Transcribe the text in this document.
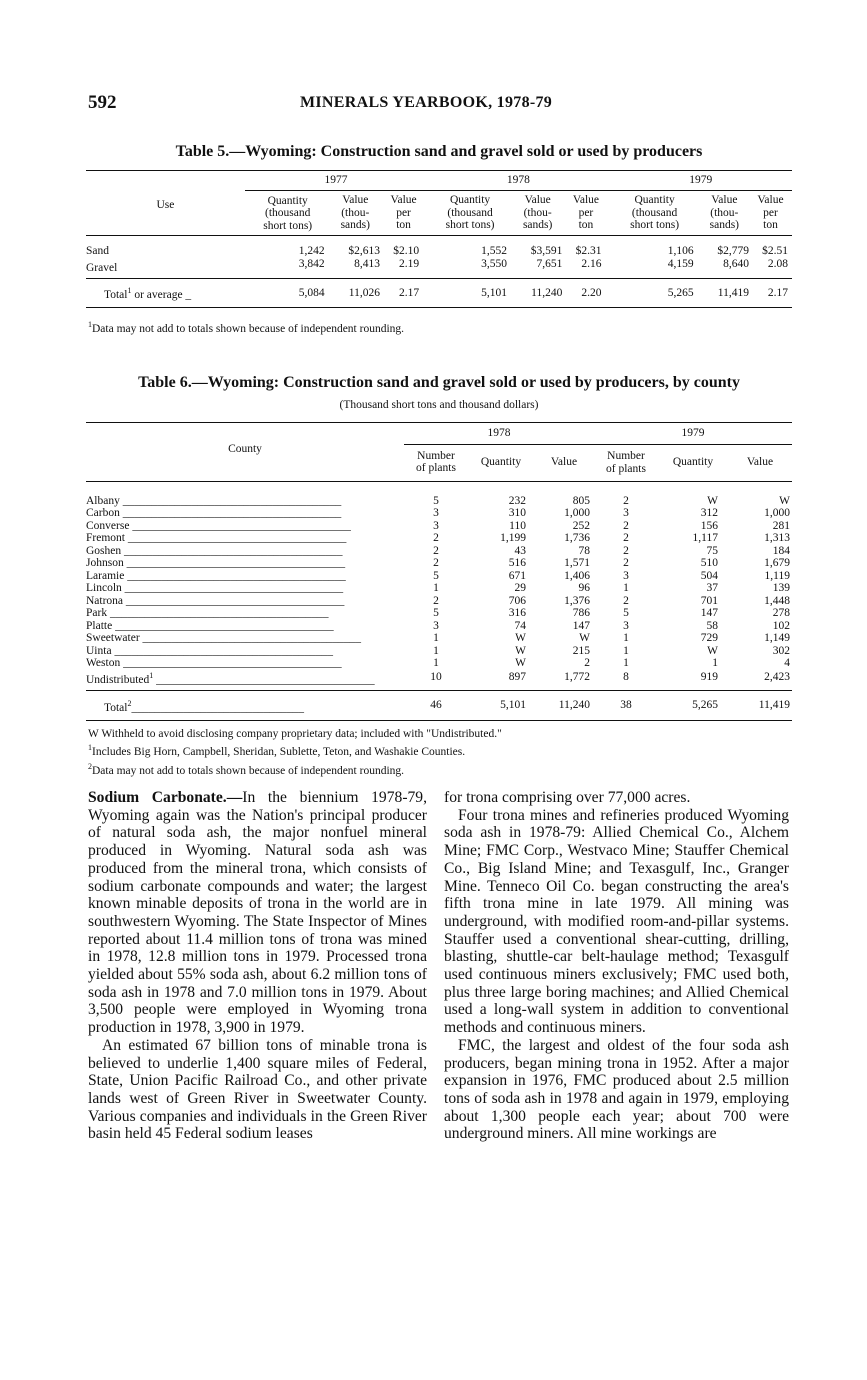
592	MINERALS YEARBOOK, 1978-79
Table 5.—Wyoming: Construction sand and gravel sold or used by producers
Use	1977			1978			1979		
	Quantity
(thousand
short tons)	Value
(thou-
sands)	Value
per
ton	Quantity
(thousand
short tons)	Value
(thou-
sands)	Value
per
ton	Quantity
(thousand
short tons)	Value
(thou-
sands)	Value
per
ton
Sand	1,242	$2,613	$2.10	1,552	$3,591	$2.31	1,106	$2,779	$2.51
Gravel	3,842	8,413	2.19	3,550	7,651	2.16	4,159	8,640	2.08
Total$^1$ or average _	5,084	11,026	2.17	5,101	11,240	2.20	5,265	11,419	2.17
$^1$Data may not add to totals shown because of independent rounding.
Table 6.—Wyoming: Construction sand and gravel sold or used by producers, by county
(Thousand short tons and thousand dollars)
County	1978			1979		
	Number
of plants	Quantity	Value	Number
of plants	Quantity	Value
Albany ______________________________________	5	232	805	2	W	W
Carbon ______________________________________	3	310	1,000	3	312	1,000
Converse ______________________________________	3	110	252	2	156	281
Fremont ______________________________________	2	1,199	1,736	2	1,117	1,313
Goshen ______________________________________	2	43	78	2	75	184
Johnson ______________________________________	2	516	1,571	2	510	1,679
Laramie ______________________________________	5	671	1,406	3	504	1,119
Lincoln ______________________________________	1	29	96	1	37	139
Natrona ______________________________________	2	706	1,376	2	701	1,448
Park ______________________________________	5	316	786	5	147	278
Platte ______________________________________	3	74	147	3	58	102
Sweetwater ______________________________________	1	W	W	1	729	1,149
Uinta ______________________________________	1	W	215	1	W	302
Weston ______________________________________	1	W	2	1	1	4
Undistributed$^1$ ______________________________________	10	897	1,772	8	919	2,423
Total$^2$______________________________	46	5,101	11,240	38	5,265	11,419
W Withheld to avoid disclosing company proprietary data; included with "Undistributed."
$^1$Includes Big Horn, Campbell, Sheridan, Sublette, Teton, and Washakie Counties.
$^2$Data may not add to totals shown because of independent rounding.

Sodium Carbonate.—In the biennium 1978-79, Wyoming again was the Nation's principal producer of natural soda ash, the major nonfuel mineral produced in Wyoming. Natural soda ash was produced from the mineral trona, which consists of sodium carbonate compounds and water; the largest known minable deposits of trona in the world are in southwestern Wyoming. The State Inspector of Mines reported about 11.4 million tons of trona was mined in 1978, 12.8 million tons in 1979. Processed trona yielded about 55% soda ash, about 6.2 million tons of soda ash in 1978 and 7.0 million tons in 1979. About 3,500 people were employed in Wyoming trona production in 1978, 3,900 in 1979.

An estimated 67 billion tons of minable trona is believed to underlie 1,400 square miles of Federal, State, Union Pacific Railroad Co., and other private lands west of Green River in Sweetwater County. Various companies and individuals in the Green River basin held 45 Federal sodium leases

for trona comprising over 77,000 acres.

Four trona mines and refineries produced Wyoming soda ash in 1978-79: Allied Chemical Co., Alchem Mine; FMC Corp., Westvaco Mine; Stauffer Chemical Co., Big Island Mine; and Texasgulf, Inc., Granger Mine. Tenneco Oil Co. began constructing the area's fifth trona mine in late 1979. All mining was underground, with modified room-and-pillar systems. Stauffer used a conventional shear-cutting, drilling, blasting, shuttle-car belt-haulage method; Texasgulf used continuous miners exclusively; FMC used both, plus three large boring machines; and Allied Chemical used a long-wall system in addition to conventional methods and continuous miners.

FMC, the largest and oldest of the four soda ash producers, began mining trona in 1952. After a major expansion in 1976, FMC produced about 2.5 million tons of soda ash in 1978 and again in 1979, employing about 1,300 people each year; about 700 were underground miners. All mine workings are
